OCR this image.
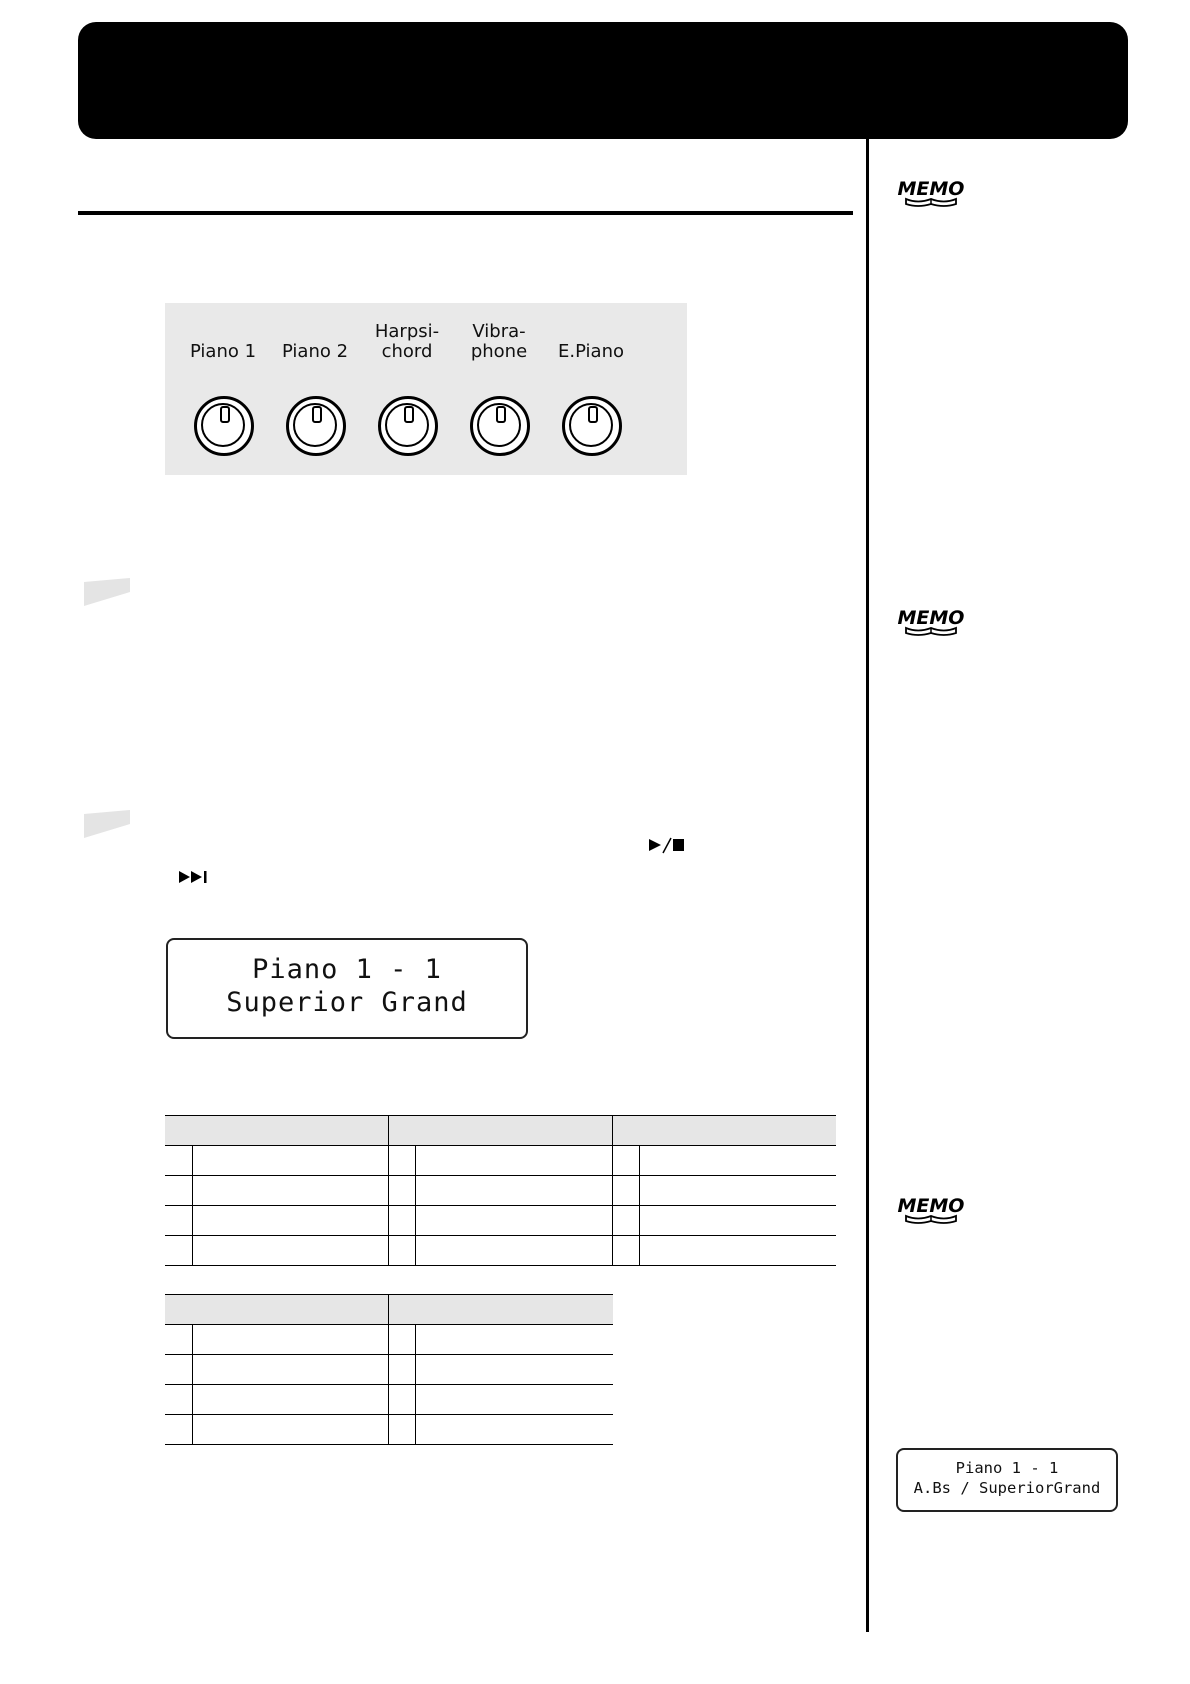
Piano 1	Piano 2
Harpsi-
chord
Vibra-
phone	E.Piano
Piano 1 - 1
Superior Grand

MEMO
MEMO
MEMO
Piano 1 - 1
A.Bs / SuperiorGrand
